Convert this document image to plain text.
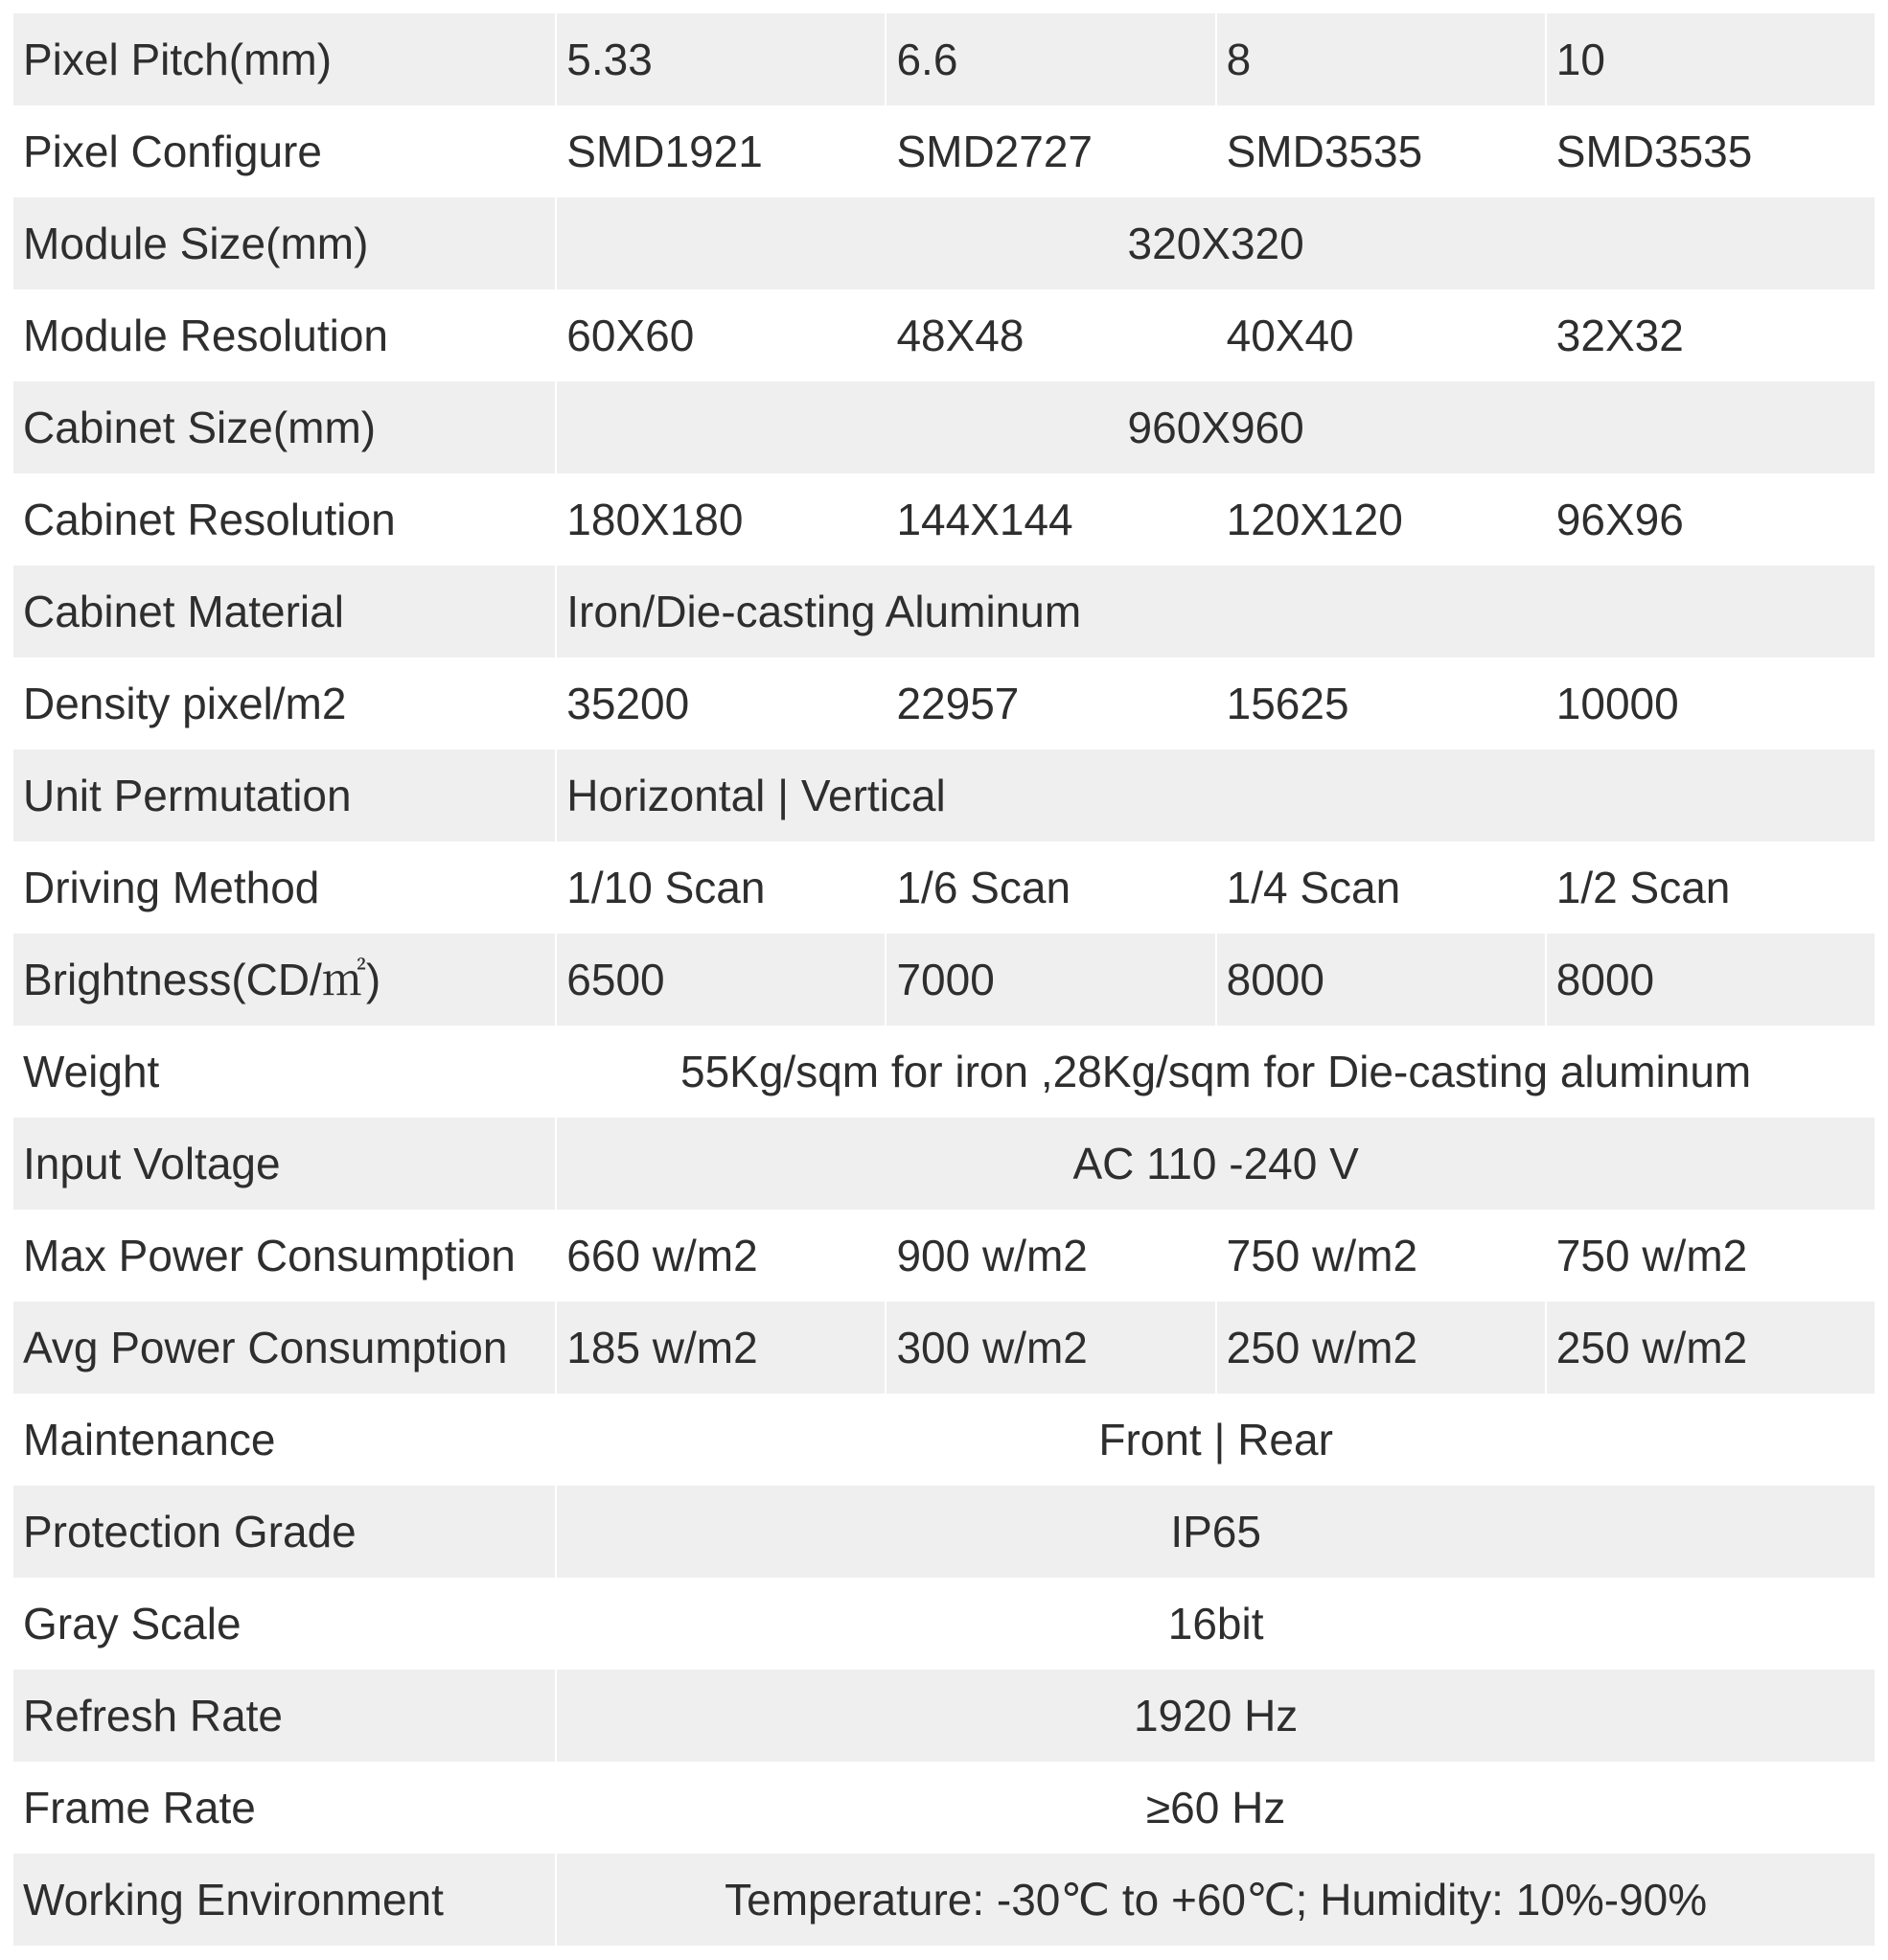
Pixel Pitch(mm)	5.33	6.6	8	10
Pixel Configure	SMD1921	SMD2727	SMD3535	SMD3535
Module Size(mm)	320X320			
Module Resolution	60X60	48X48	40X40	32X32
Cabinet Size(mm)	960X960			
Cabinet Resolution	180X180	144X144	120X120	96X96
Cabinet Material	Iron/Die-casting Aluminum			
Density pixel/m2	35200	22957	15625	10000
Unit Permutation	Horizontal | Vertical			
Driving Method	1/10 Scan	1/6 Scan	1/4 Scan	1/2 Scan
Brightness(CD/㎡)	6500	7000	8000	8000
Weight	55Kg/sqm for iron ,28Kg/sqm for Die-casting aluminum			
Input Voltage	AC 110 -240 V			
Max Power Consumption	660 w/m2	900 w/m2	750 w/m2	750 w/m2
Avg Power Consumption	185 w/m2	300 w/m2	250 w/m2	250 w/m2
Maintenance	Front | Rear			
Protection Grade	IP65			
Gray Scale	16bit			
Refresh Rate	1920 Hz			
Frame Rate	≥60 Hz			
Working Environment	Temperature: -30℃ to +60℃; Humidity: 10%-90%			
